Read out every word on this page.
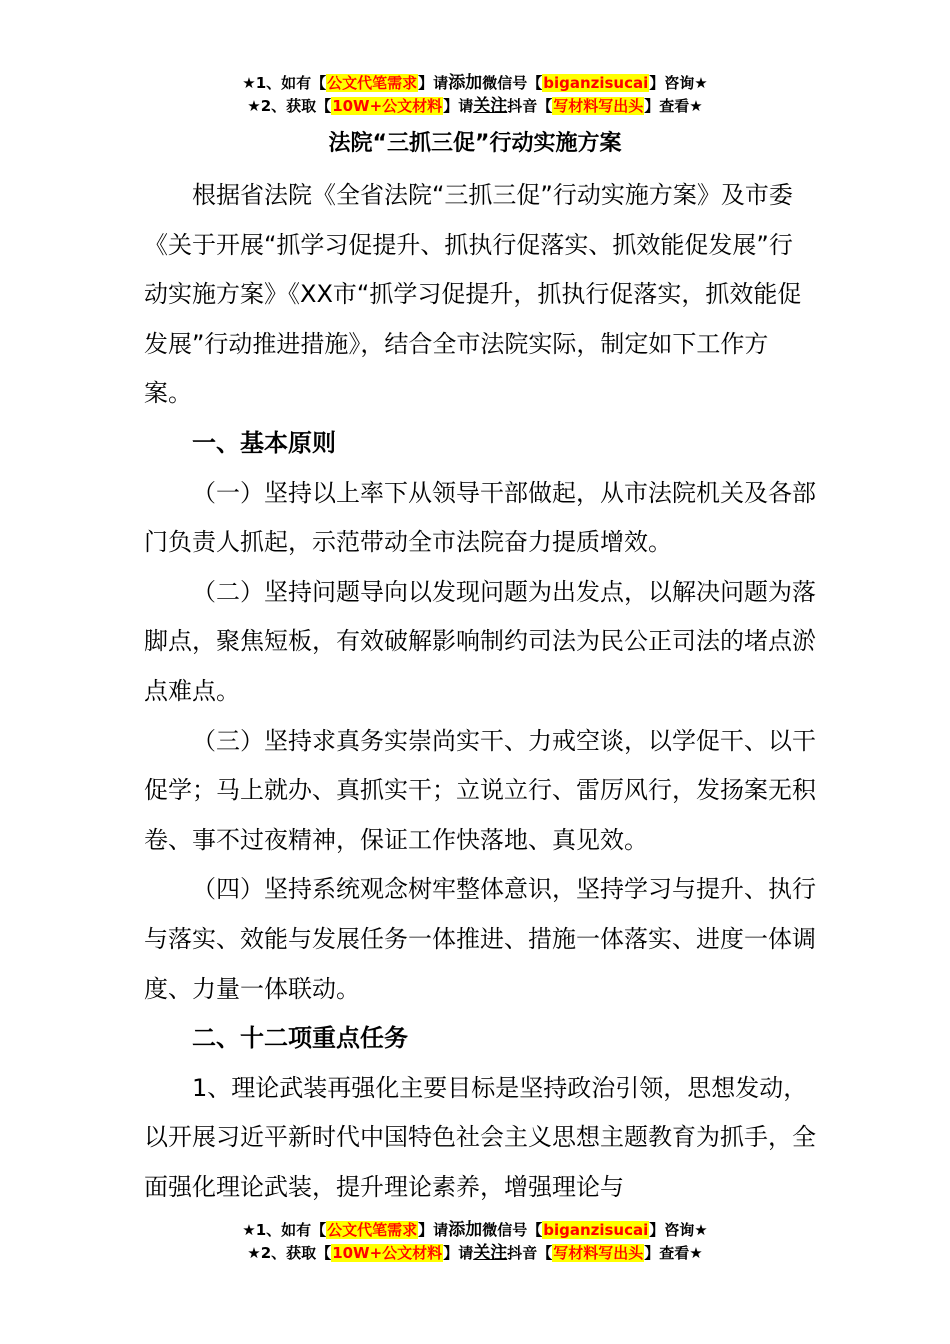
★1、如有【公文代笔需求】请添加微信号【biganzisucai】咨询★
★2、获取【10W+公文材料】请关注抖音【写材料写出头】查看★
法院“三抓三促”行动实施方案

根据省法院《全省法院“三抓三促”行动实施方案》及市委《关于开展“抓学习促提升、抓执行促落实、抓效能促发展”行动实施方案》《XX市“抓学习促提升，抓执行促落实，抓效能促发展”行动推进措施》，结合全市法院实际，制定如下工作方案。

一、基本原则

（一）坚持以上率下从领导干部做起，从市法院机关及各部门负责人抓起，示范带动全市法院奋力提质增效。

（二）坚持问题导向以发现问题为出发点，以解决问题为落脚点，聚焦短板，有效破解影响制约司法为民公正司法的堵点淤点难点。

（三）坚持求真务实崇尚实干、力戒空谈，以学促干、以干促学；马上就办、真抓实干；立说立行、雷厉风行，发扬案无积卷、事不过夜精神，保证工作快落地、真见效。

（四）坚持系统观念树牢整体意识，坚持学习与提升、执行与落实、效能与发展任务一体推进、措施一体落实、进度一体调度、力量一体联动。

二、十二项重点任务

1、理论武装再强化主要目标是坚持政治引领，思想发动，以开展习近平新时代中国特色社会主义思想主题教育为抓手，全面强化理论武装，提升理论素养，增强理论与

★1、如有【公文代笔需求】请添加微信号【biganzisucai】咨询★
★2、获取【10W+公文材料】请关注抖音【写材料写出头】查看★
